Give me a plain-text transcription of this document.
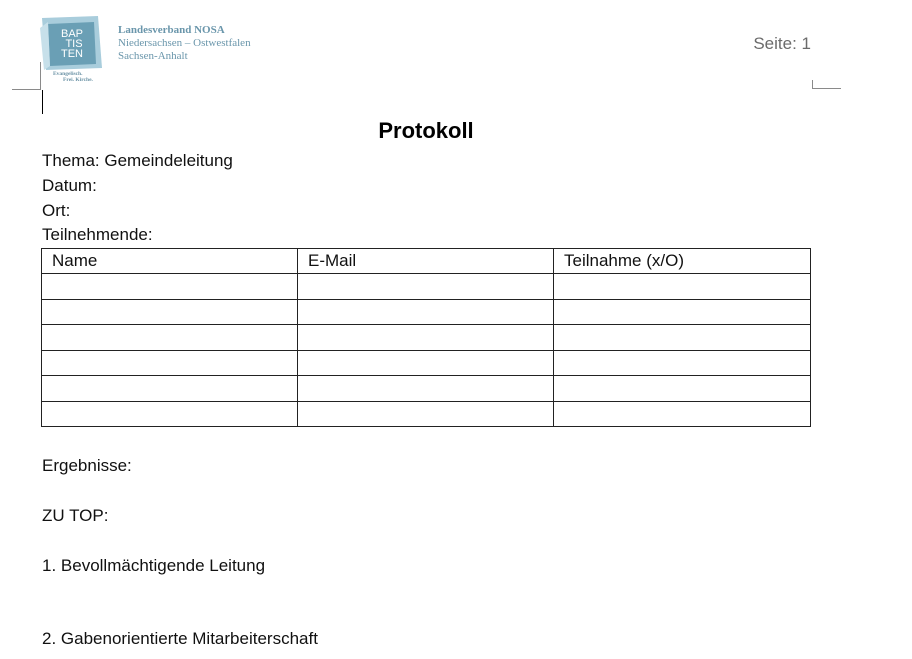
BAP
TIS
TEN
Evangelisch.
Frei. Kirche.
Landesverband NOSA
Niedersachsen – Ostwestfalen
Sachsen-Anhalt
Seite: 1
Protokoll
Thema: Gemeindeleitung
Datum:
Ort:
Teilnehmende:
Name	E-Mail	Teilnahme (x/O)

Ergebnisse:
ZU TOP:
1. Bevollmächtigende Leitung
2. Gabenorientierte Mitarbeiterschaft
